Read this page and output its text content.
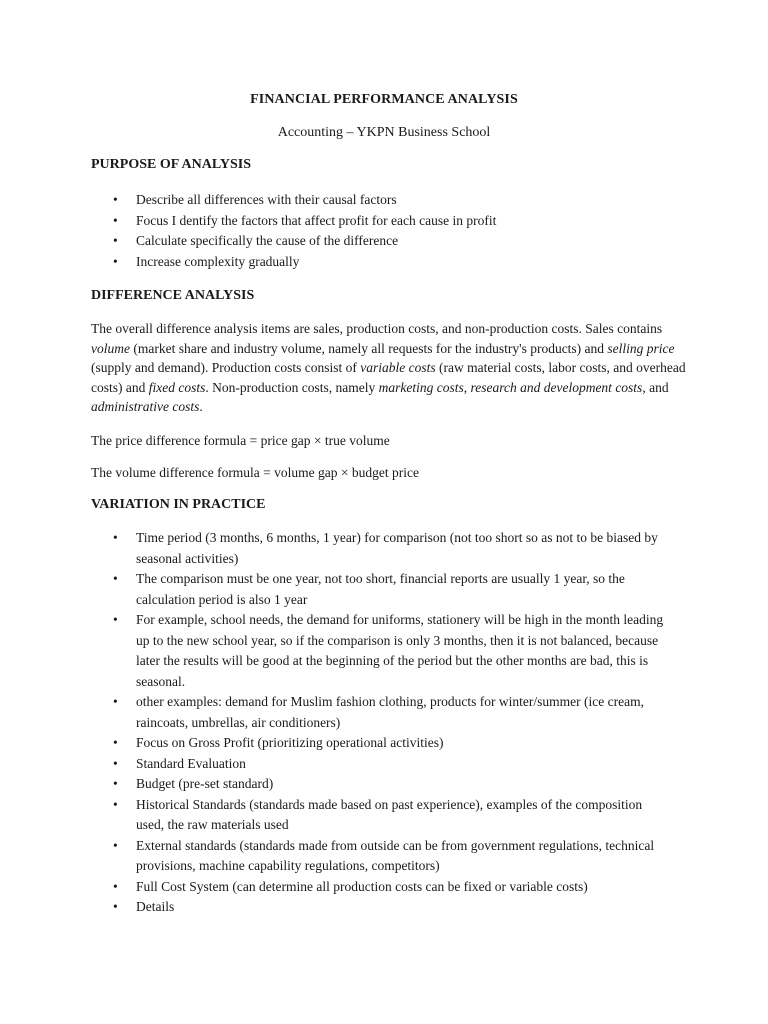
FINANCIAL PERFORMANCE ANALYSIS
Accounting – YKPN Business School
PURPOSE OF ANALYSIS
• Describe all differences with their causal factors
• Focus I dentify the factors that affect profit for each cause in profit
• Calculate specifically the cause of the difference
• Increase complexity gradually
DIFFERENCE ANALYSIS

The overall difference analysis items are sales, production costs, and non-production costs. Sales contains volume (market share and industry volume, namely all requests for the industry's products) and selling price (supply and demand). Production costs consist of variable costs (raw material costs, labor costs, and overhead costs) and fixed costs. Non-production costs, namely marketing costs, research and development costs, and administrative costs.

The price difference formula = price gap × true volume

The volume difference formula = volume gap × budget price

VARIATION IN PRACTICE
• Time period (3 months, 6 months, 1 year) for comparison (not too short so as not to be biased by seasonal activities)
• The comparison must be one year, not too short, financial reports are usually 1 year, so the calculation period is also 1 year
• For example, school needs, the demand for uniforms, stationery will be high in the month leading up to the new school year, so if the comparison is only 3 months, then it is not balanced, because later the results will be good at the beginning of the period but the other months are bad, this is seasonal.
• other examples: demand for Muslim fashion clothing, products for winter/summer (ice cream, raincoats, umbrellas, air conditioners)
• Focus on Gross Profit (prioritizing operational activities)
• Standard Evaluation
• Budget (pre-set standard)
• Historical Standards (standards made based on past experience), examples of the composition used, the raw materials used
• External standards (standards made from outside can be from government regulations, technical provisions, machine capability regulations, competitors)
• Full Cost System (can determine all production costs can be fixed or variable costs)
• Details
